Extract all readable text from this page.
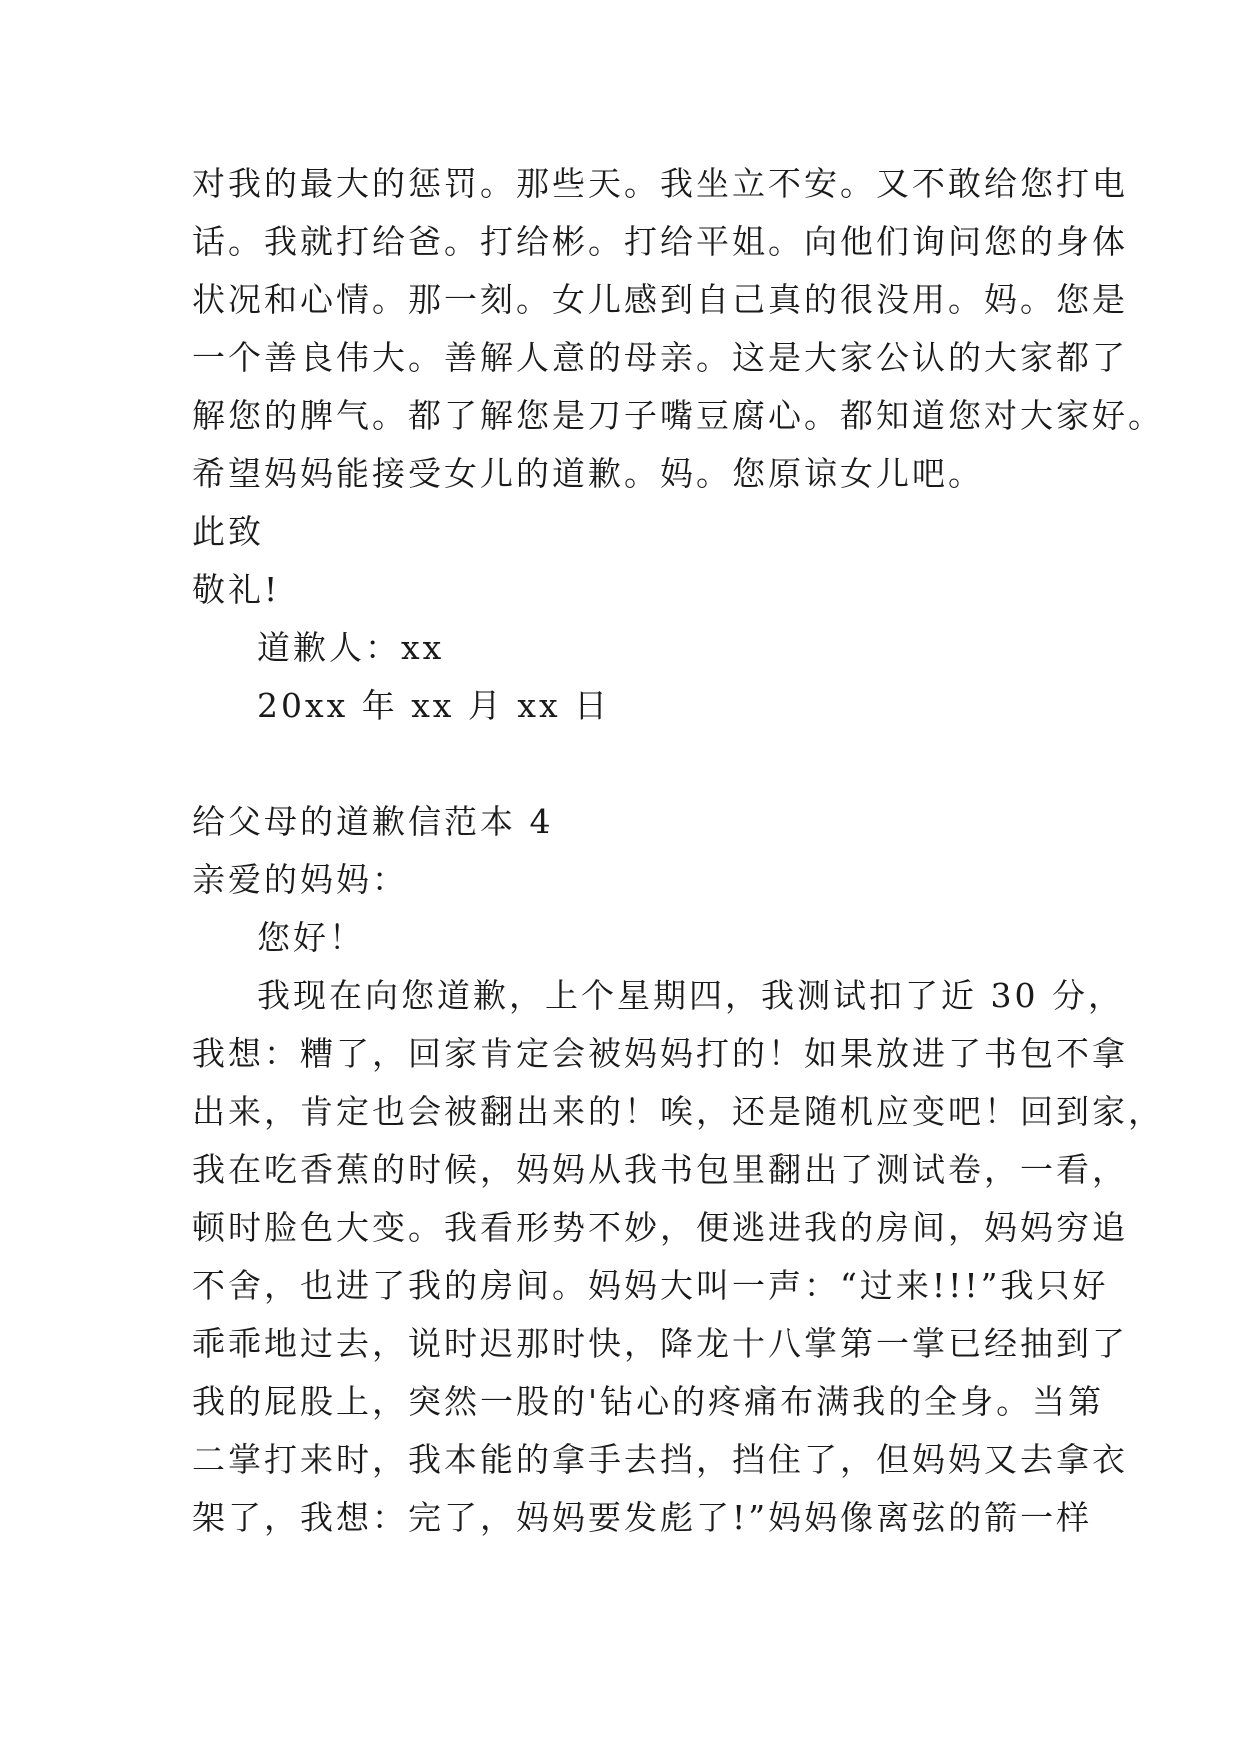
对我的最大的惩罚。那些天。我坐立不安。又不敢给您打电
话。我就打给爸。打给彬。打给平姐。向他们询问您的身体
状况和心情。那一刻。女儿感到自己真的很没用。妈。您是
一个善良伟大。善解人意的母亲。这是大家公认的大家都了
解您的脾气。都了解您是刀子嘴豆腐心。都知道您对大家好。
希望妈妈能接受女儿的道歉。妈。您原谅女儿吧。
此致
敬礼!
道歉人：xx
20xx 年 xx 月 xx 日
给父母的道歉信范本 4
亲爱的妈妈：
您好！
我现在向您道歉，上个星期四，我测试扣了近 30 分，
我想：糟了，回家肯定会被妈妈打的！如果放进了书包不拿
出来，肯定也会被翻出来的！唉，还是随机应变吧！回到家，
我在吃香蕉的时候，妈妈从我书包里翻出了测试卷，一看，
顿时脸色大变。我看形势不妙，便逃进我的房间，妈妈穷追
不舍，也进了我的房间。妈妈大叫一声：“过来!!!”我只好
乖乖地过去，说时迟那时快，降龙十八掌第一掌已经抽到了
我的屁股上，突然一股的'钻心的疼痛布满我的全身。当第
二掌打来时，我本能的拿手去挡，挡住了，但妈妈又去拿衣
架了，我想：完了，妈妈要发彪了!”妈妈像离弦的箭一样
